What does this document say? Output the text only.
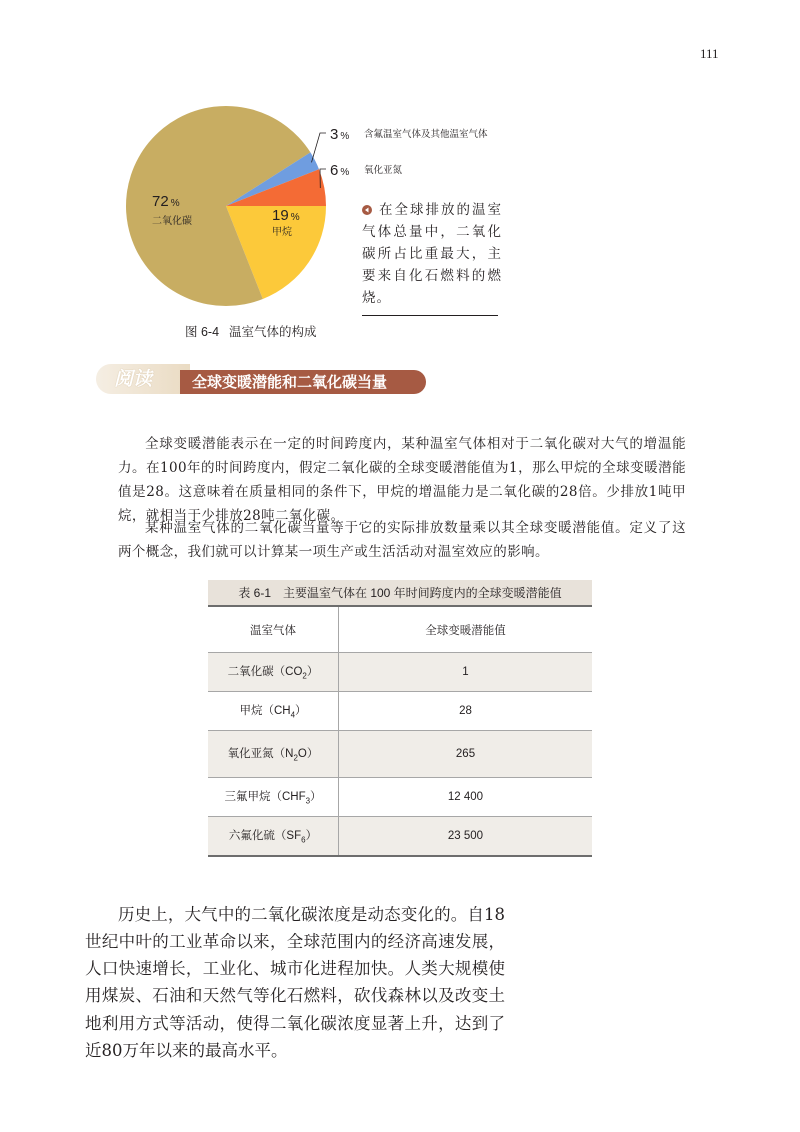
111
72 %
二氧化碳	19 %
甲烷
3 % 含氟温室气体及其他温室气体
6 % 氧化亚氮
在全球排放的温室气体总量中，二氧化碳所占比重最大，主要来自化石燃料的燃烧。
图 6-4 温室气体的构成
阅读	全球变暖潜能和二氧化碳当量

全球变暖潜能表示在一定的时间跨度内，某种温室气体相对于二氧化碳对大气的增温能力。在100年的时间跨度内，假定二氧化碳的全球变暖潜能值为1，那么甲烷的全球变暖潜能值是28。这意味着在质量相同的条件下，甲烷的增温能力是二氧化碳的28倍。少排放1吨甲烷，就相当于少排放28吨二氧化碳。

某种温室气体的二氧化碳当量等于它的实际排放数量乘以其全球变暖潜能值。定义了这两个概念，我们就可以计算某一项生产或生活活动对温室效应的影响。

表 6-1　主要温室气体在 100 年时间跨度内的全球变暖潜能值
温室气体	全球变暖潜能值
二氧化碳$(CO_2)$	1
甲烷$(CH_4)$	28
氧化亚氮$(N_2O)$	265
三氟甲烷$(CHF_3)$	12 400
六氟化硫$(SF_6)$	23 500

历史上，大气中的二氧化碳浓度是动态变化的。自18世纪中叶的工业革命以来，全球范围内的经济高速发展，人口快速增长，工业化、城市化进程加快。人类大规模使用煤炭、石油和天然气等化石燃料，砍伐森林以及改变土地利用方式等活动，使得二氧化碳浓度显著上升，达到了近80万年以来的最高水平。
